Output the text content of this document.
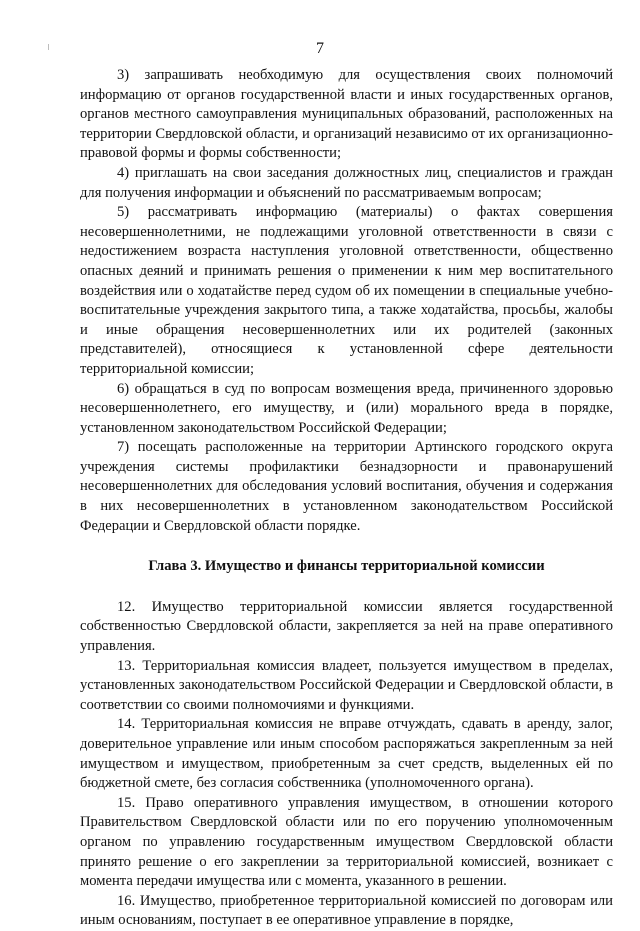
7

3) запрашивать необходимую для осуществления своих полномочий информацию от органов государственной власти и иных государственных органов, органов местного самоуправления муниципальных образований, расположенных на территории Свердловской области, и организаций независимо от их организационно-правовой формы и формы собственности;

4) приглашать на свои заседания должностных лиц, специалистов и граждан для получения информации и объяснений по рассматриваемым вопросам;

5) рассматривать информацию (материалы) о фактах совершения несовершеннолетними, не подлежащими уголовной ответственности в связи с недостижением возраста наступления уголовной ответственности, общественно опасных деяний и принимать решения о применении к ним мер воспитательного воздействия или о ходатайстве перед судом об их помещении в специальные учебно-воспитательные учреждения закрытого типа, а также ходатайства, просьбы, жалобы и иные обращения несовершеннолетних или их родителей (законных представителей), относящиеся к установленной сфере деятельности территориальной комиссии;

6) обращаться в суд по вопросам возмещения вреда, причиненного здоровью несовершеннолетнего, его имуществу, и (или) морального вреда в порядке, установленном законодательством Российской Федерации;

7) посещать расположенные на территории Артинского городского округа учреждения системы профилактики безнадзорности и правонарушений несовершеннолетних для обследования условий воспитания, обучения и содержания в них несовершеннолетних в установленном законодательством Российской Федерации и Свердловской области порядке.

Глава 3. Имущество и финансы территориальной комиссии

12. Имущество территориальной комиссии является государственной собственностью Свердловской области, закрепляется за ней на праве оперативного управления.

13. Территориальная комиссия владеет, пользуется имуществом в пределах, установленных законодательством Российской Федерации и Свердловской области, в соответствии со своими полномочиями и функциями.

14. Территориальная комиссия не вправе отчуждать, сдавать в аренду, залог, доверительное управление или иным способом распоряжаться закрепленным за ней имуществом и имуществом, приобретенным за счет средств, выделенных ей по бюджетной смете, без согласия собственника (уполномоченного органа).

15. Право оперативного управления имуществом, в отношении которого Правительством Свердловской области или по его поручению уполномоченным органом по управлению государственным имуществом Свердловской области принято решение о его закреплении за территориальной комиссией, возникает с момента передачи имущества или с момента, указанного в решении.

16. Имущество, приобретенное территориальной комиссией по договорам или иным основаниям, поступает в ее оперативное управление в порядке,
